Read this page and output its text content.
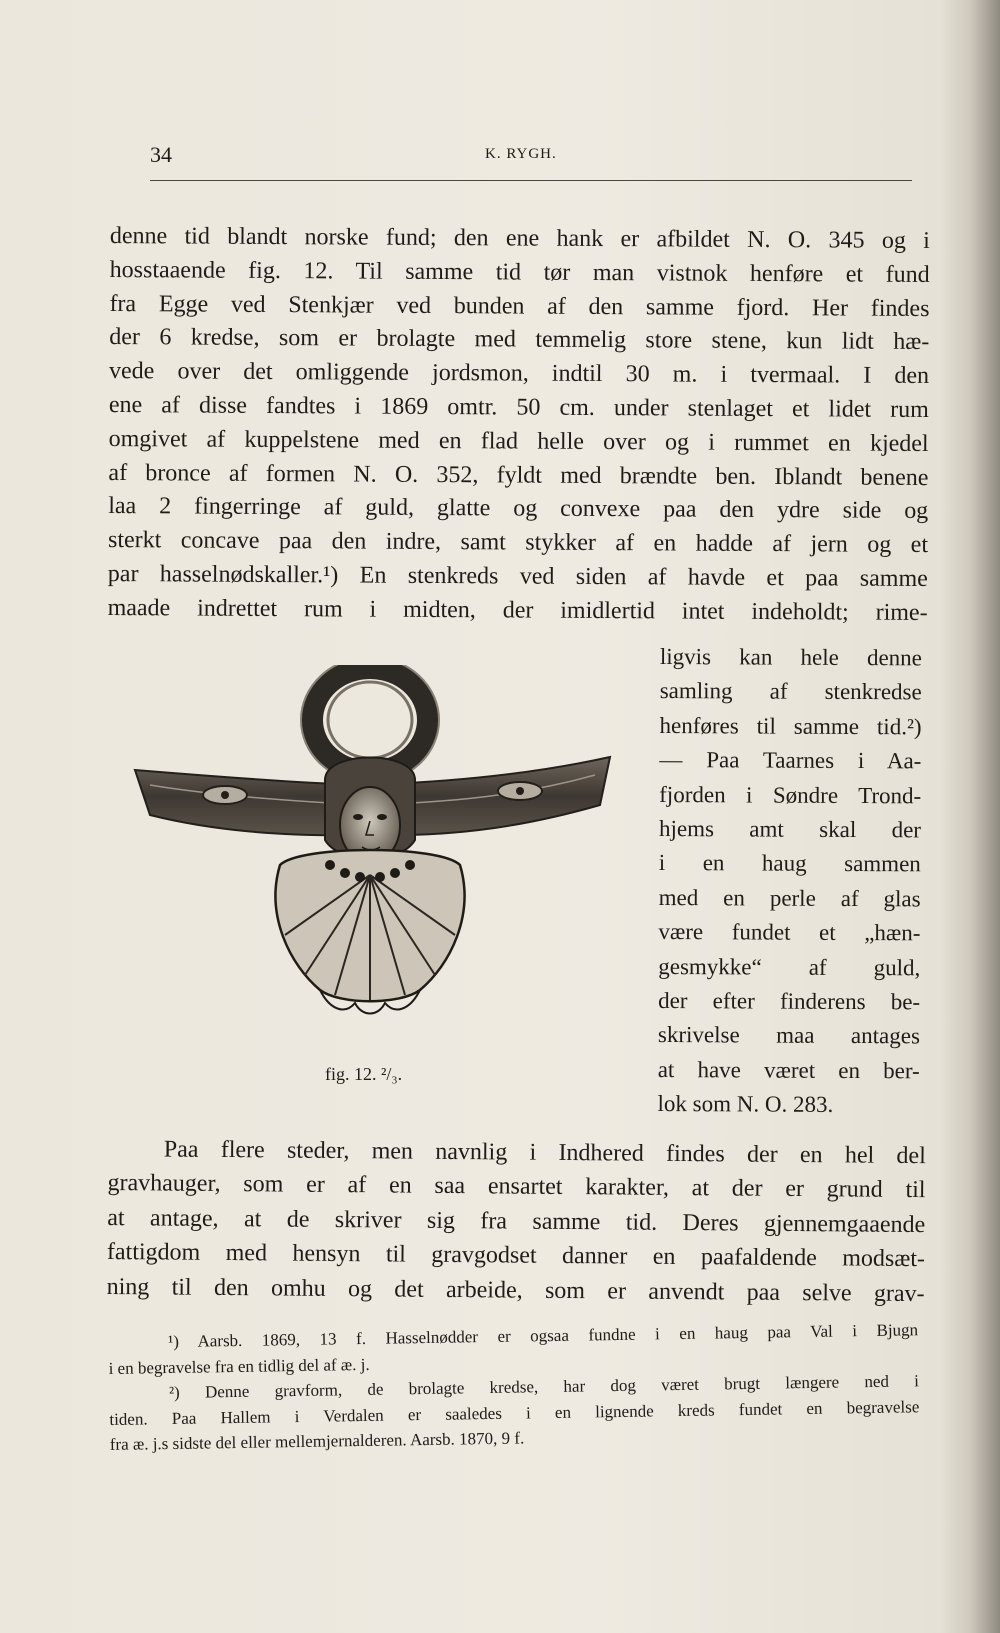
34	K. RYGH.
denne tid blandt norske fund; den ene hank er afbildet N. O. 345 og i
hosstaaende fig. 12. Til samme tid tør man vistnok henføre et fund
fra Egge ved Stenkjær ved bunden af den samme fjord. Her findes
der 6 kredse, som er brolagte med temmelig store stene, kun lidt hæ-
vede over det omliggende jordsmon, indtil 30 m. i tvermaal. I den
ene af disse fandtes i 1869 omtr. 50 cm. under stenlaget et lidet rum
omgivet af kuppelstene med en flad helle over og i rummet en kjedel
af bronce af formen N. O. 352, fyldt med brændte ben. Iblandt benene
laa 2 fingerringe af guld, glatte og convexe paa den ydre side og
sterkt concave paa den indre, samt stykker af en hadde af jern og et
par hasselnødskaller.¹) En stenkreds ved siden af havde et paa samme
maade indrettet rum i midten, der imidlertid intet indeholdt; rime-
fig. 12. ²/₃.
ligvis kan hele denne
samling af stenkredse
henføres til samme tid.²)
— Paa Taarnes i Aa-
fjorden i Søndre Trond-
hjems amt skal der
i en haug sammen
med en perle af glas
være fundet et „hæn-
gesmykke“ af guld,
der efter finderens be-
skrivelse maa antages
at have været en ber-
lok som N. O. 283.
Paa flere steder, men navnlig i Indhered findes der en hel del
gravhauger, som er af en saa ensartet karakter, at der er grund til
at antage, at de skriver sig fra samme tid. Deres gjennemgaaende
fattigdom med hensyn til gravgodset danner en paafaldende modsæt-
ning til den omhu og det arbeide, som er anvendt paa selve grav-
¹) Aarsb. 1869, 13 f. Hasselnødder er ogsaa fundne i en haug paa Val i Bjugn
i en begravelse fra en tidlig del af æ. j.
²) Denne gravform, de brolagte kredse, har dog været brugt længere ned i
tiden. Paa Hallem i Verdalen er saaledes i en lignende kreds fundet en begravelse
fra æ. j.s sidste del eller mellemjernalderen. Aarsb. 1870, 9 f.
